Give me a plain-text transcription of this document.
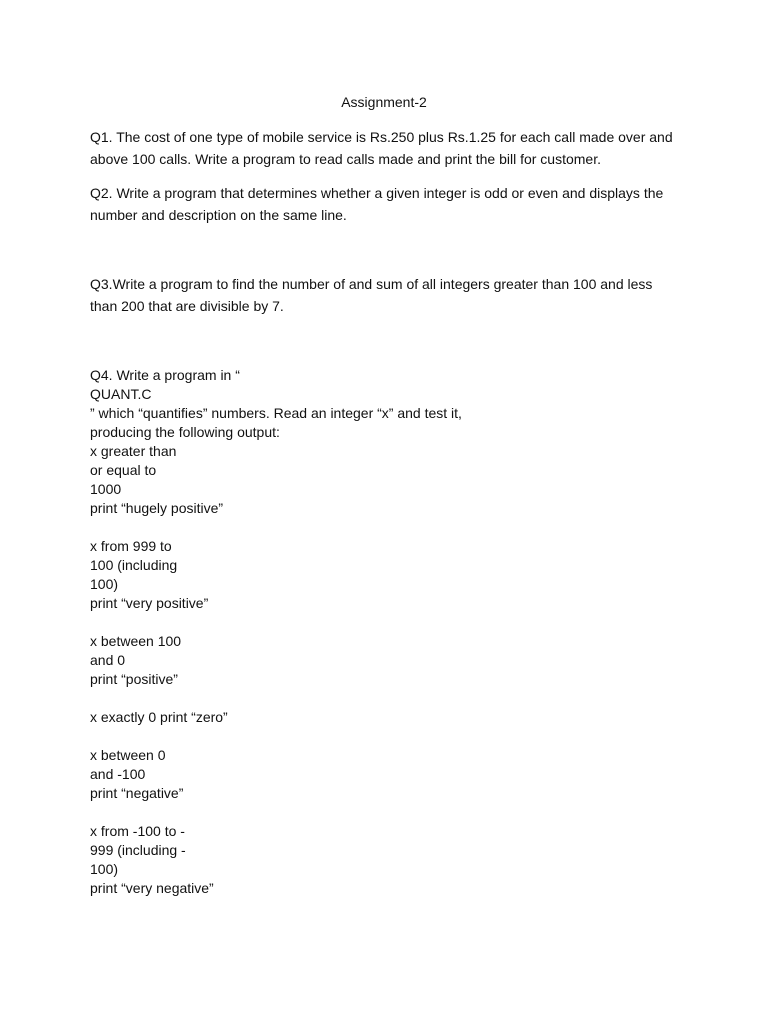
Assignment-2

Q1. The cost of one type of mobile service is Rs.250 plus Rs.1.25 for each call made over and above 100 calls. Write a program to read calls made and print the bill for customer.

Q2. Write a program that determines whether a given integer is odd or even and displays the number and description on the same line.

Q3.Write a program to find the number of and sum of all integers greater than 100 and less than 200 that are divisible by 7.

Q4. Write a program in “
QUANT.C
” which “quantifies” numbers. Read an integer “x” and test it,
producing the following output:
x greater than
or equal to
1000
print “hugely positive”
x from 999 to
100 (including
100)
print “very positive”
x between 100
and 0
print “positive”
x exactly 0 print “zero”
x between 0
and -100
print “negative”
x from -100 to -
999 (including -
100)
print “very negative”
